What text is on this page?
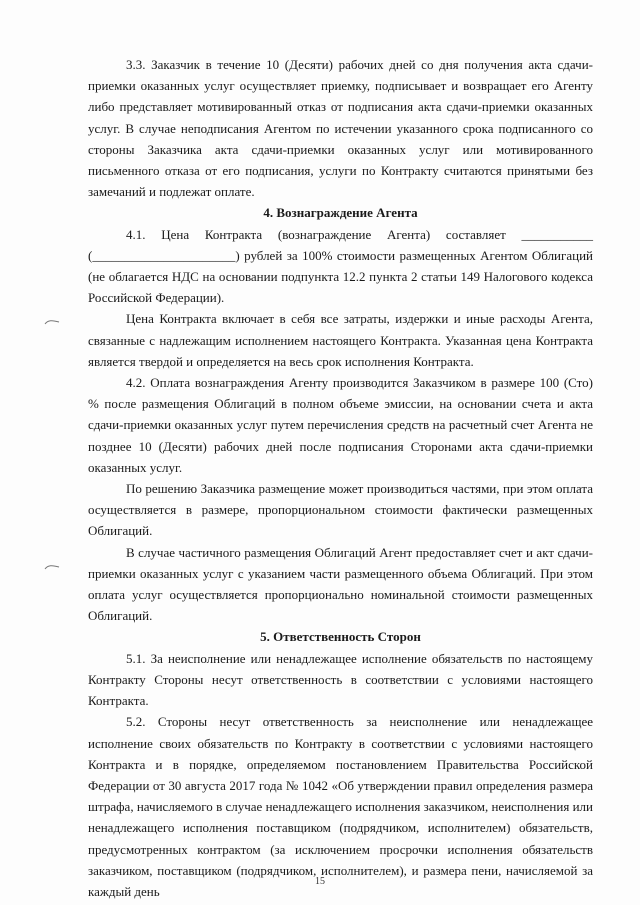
3.3. Заказчик в течение 10 (Десяти) рабочих дней со дня получения акта сдачи-приемки оказанных услуг осуществляет приемку, подписывает и возвращает его Агенту либо представляет мотивированный отказ от подписания акта сдачи-приемки оказанных услуг. В случае неподписания Агентом по истечении указанного срока подписанного со стороны Заказчика акта сдачи-приемки оказанных услуг или мотивированного письменного отказа от его подписания, услуги по Контракту считаются принятыми без замечаний и подлежат оплате.

4. Вознаграждение Агента

4.1. Цена Контракта (вознаграждение Агента) составляет ___________ (______________________) рублей за 100% стоимости размещенных Агентом Облигаций (не облагается НДС на основании подпункта 12.2 пункта 2 статьи 149 Налогового кодекса Российской Федерации).

Цена Контракта включает в себя все затраты, издержки и иные расходы Агента, связанные с надлежащим исполнением настоящего Контракта. Указанная цена Контракта является твердой и определяется на весь срок исполнения Контракта.

4.2. Оплата вознаграждения Агенту производится Заказчиком в размере 100 (Сто) % после размещения Облигаций в полном объеме эмиссии, на основании счета и акта сдачи-приемки оказанных услуг путем перечисления средств на расчетный счет Агента не позднее 10 (Десяти) рабочих дней после подписания Сторонами акта сдачи-приемки оказанных услуг.

По решению Заказчика размещение может производиться частями, при этом оплата осуществляется в размере, пропорциональном стоимости фактически размещенных Облигаций.

В случае частичного размещения Облигаций Агент предоставляет счет и акт сдачи-приемки оказанных услуг с указанием части размещенного объема Облигаций. При этом оплата услуг осуществляется пропорционально номинальной стоимости размещенных Облигаций.

5. Ответственность Сторон

5.1. За неисполнение или ненадлежащее исполнение обязательств по настоящему Контракту Стороны несут ответственность в соответствии с условиями настоящего Контракта.

5.2. Стороны несут ответственность за неисполнение или ненадлежащее исполнение своих обязательств по Контракту в соответствии с условиями настоящего Контракта и в порядке, определяемом постановлением Правительства Российской Федерации от 30 августа 2017 года № 1042 «Об утверждении правил определения размера штрафа, начисляемого в случае ненадлежащего исполнения заказчиком, неисполнения или ненадлежащего исполнения поставщиком (подрядчиком, исполнителем) обязательств, предусмотренных контрактом (за исключением просрочки исполнения обязательств заказчиком, поставщиком (подрядчиком, исполнителем), и размера пени, начисляемой за каждый день

15
